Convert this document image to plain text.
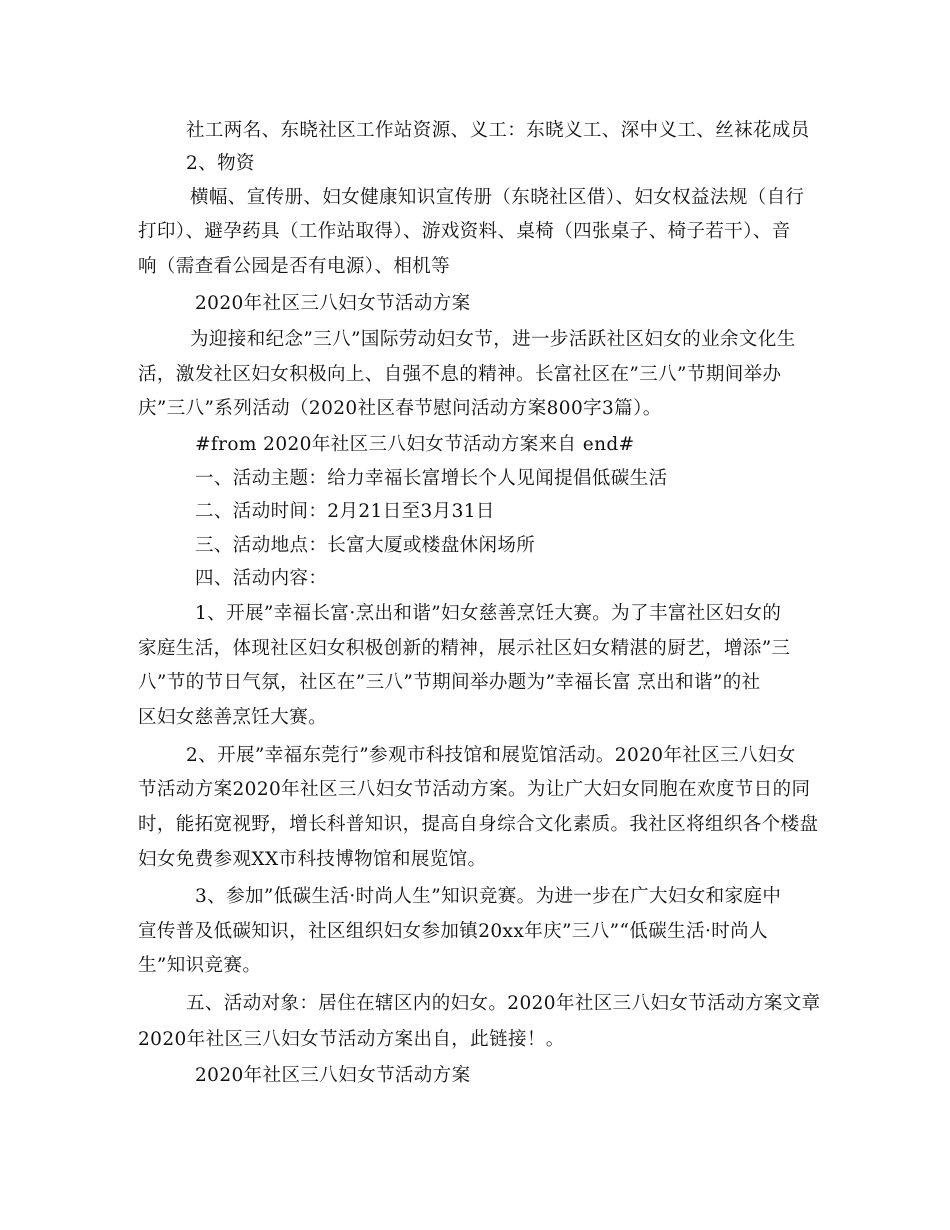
社工两名、东晓社区工作站资源、义工：东晓义工、深中义工、丝袜花成员
2、物资
横幅、宣传册、妇女健康知识宣传册（东晓社区借）、妇女权益法规（自行
打印）、避孕药具（工作站取得）、游戏资料、桌椅（四张桌子、椅子若干）、音
响（需查看公园是否有电源）、相机等
2020年社区三八妇女节活动方案
为迎接和纪念”三八”国际劳动妇女节，进一步活跃社区妇女的业余文化生
活，激发社区妇女积极向上、自强不息的精神。长富社区在”三八”节期间举办
庆”三八”系列活动（2020社区春节慰问活动方案800字3篇）。
#from 2020年社区三八妇女节活动方案来自 end#
一、活动主题：给力幸福长富增长个人见闻提倡低碳生活
二、活动时间：2月21日至3月31日
三、活动地点：长富大厦或楼盘休闲场所
四、活动内容：
1、开展”幸福长富·烹出和谐”妇女慈善烹饪大赛。为了丰富社区妇女的
家庭生活，体现社区妇女积极创新的精神，展示社区妇女精湛的厨艺，增添”三
八”节的节日气氛，社区在”三八”节期间举办题为”幸福长富 烹出和谐”的社
区妇女慈善烹饪大赛。
2、开展”幸福东莞行”参观市科技馆和展览馆活动。2020年社区三八妇女
节活动方案2020年社区三八妇女节活动方案。为让广大妇女同胞在欢度节日的同
时，能拓宽视野，增长科普知识，提高自身综合文化素质。我社区将组织各个楼盘
妇女免费参观XX市科技博物馆和展览馆。
3、参加”低碳生活·时尚人生”知识竞赛。为进一步在广大妇女和家庭中
宣传普及低碳知识，社区组织妇女参加镇20xx年庆”三八”“低碳生活·时尚人
生”知识竞赛。
五、活动对象：居住在辖区内的妇女。2020年社区三八妇女节活动方案文章
2020年社区三八妇女节活动方案出自，此链接！。
2020年社区三八妇女节活动方案
